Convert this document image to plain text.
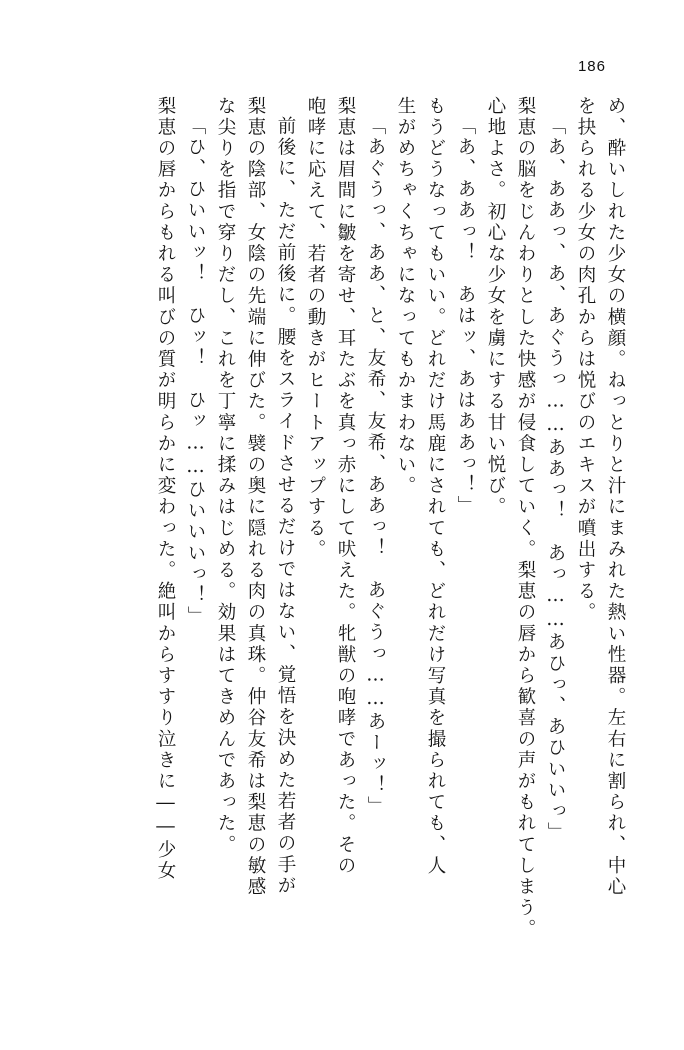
186
め、酔いしれた少女の横顔。ねっとりと汁にまみれた熱い性器。左右に割られ、中心
を抉られる少女の肉孔からは悦びのエキスが噴出する。
「あ、ああっ、あ、あぐうっ……ああっ！　あっ……あひっ、あひいいっ」
梨恵の脳をじんわりとした快感が侵食していく。梨恵の唇から歓喜の声がもれてしまう。
心地よさ。初心な少女を虜にする甘い悦び。
「あ、ああっ！　あはッ、あはああっ！」
もうどうなってもいい。どれだけ馬鹿にされても、どれだけ写真を撮られても、人
生がめちゃくちゃになってもかまわない。
「あぐうっ、ああ、と、友希、友希、ああっ！　あぐうっ……あーッ！」
梨恵は眉間に皺を寄せ、耳たぶを真っ赤にして吠えた。牝獣の咆哮であった。その
咆哮に応えて、若者の動きがヒートアップする。
前後に、ただ前後に。腰をスライドさせるだけではない、覚悟を決めた若者の手が
梨恵の陰部、女陰の先端に伸びた。襞の奥に隠れる肉の真珠。仲谷友希は梨恵の敏感
な尖りを指で穿りだし、これを丁寧に揉みはじめる。効果はてきめんであった。
「ひ、ひいいッ！　ひッ！　ひッ……ひいいいっ！」
梨恵の唇からもれる叫びの質が明らかに変わった。絶叫からすすり泣きに――少女
